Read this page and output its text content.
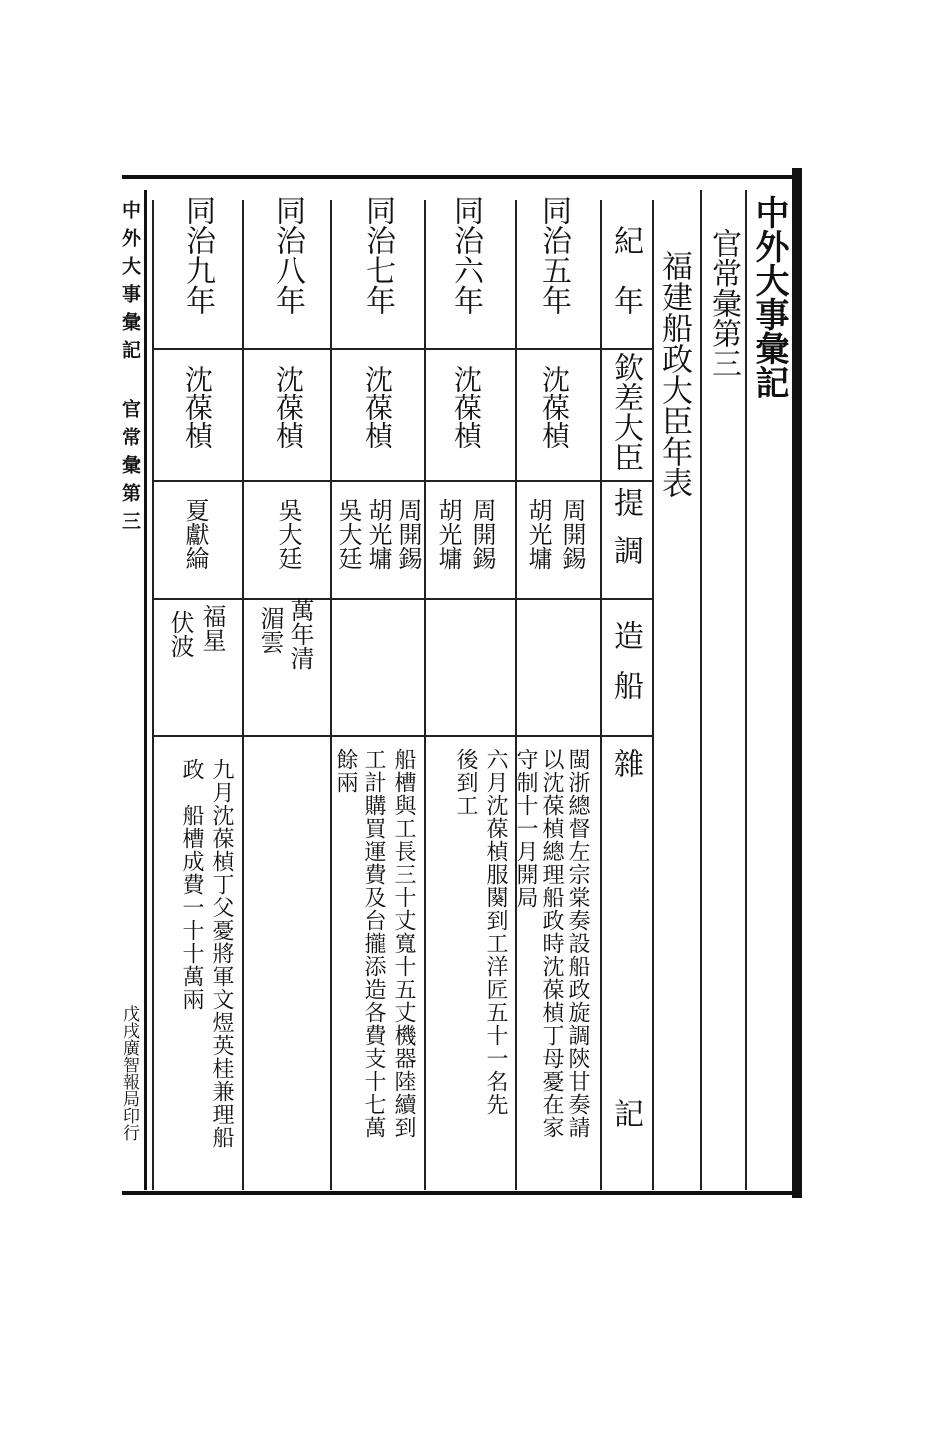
中外大事彙記
官常彙第三
福建船政大臣年表
紀年
欽差大臣
提調
造船
雜記
同治五年
沈葆楨
周開錫
胡光墉
閩浙總督左宗棠奏設船政旋調陝甘奏請
以沈葆楨總理船政時沈葆楨丁母憂在家
守制十一月開局
同治六年
沈葆楨
周開錫
胡光墉
六月沈葆楨服闋到工洋匠五十一名先
後到工
同治七年
沈葆楨
周開錫
胡光墉
吳大廷
船槽與工長三十丈寬十五丈機器陸續到
工計購買運費及台攏添造各費支十七萬
餘兩
同治八年
沈葆楨
吳大廷
萬年清
湄雲
同治九年
沈葆楨
夏獻綸
福星
伏波
九月沈葆楨丁父憂將軍文煜英桂兼理船
政　船槽成費一十十萬兩
中外大事彙記 官常彙第三
戊戌廣智報局印行
